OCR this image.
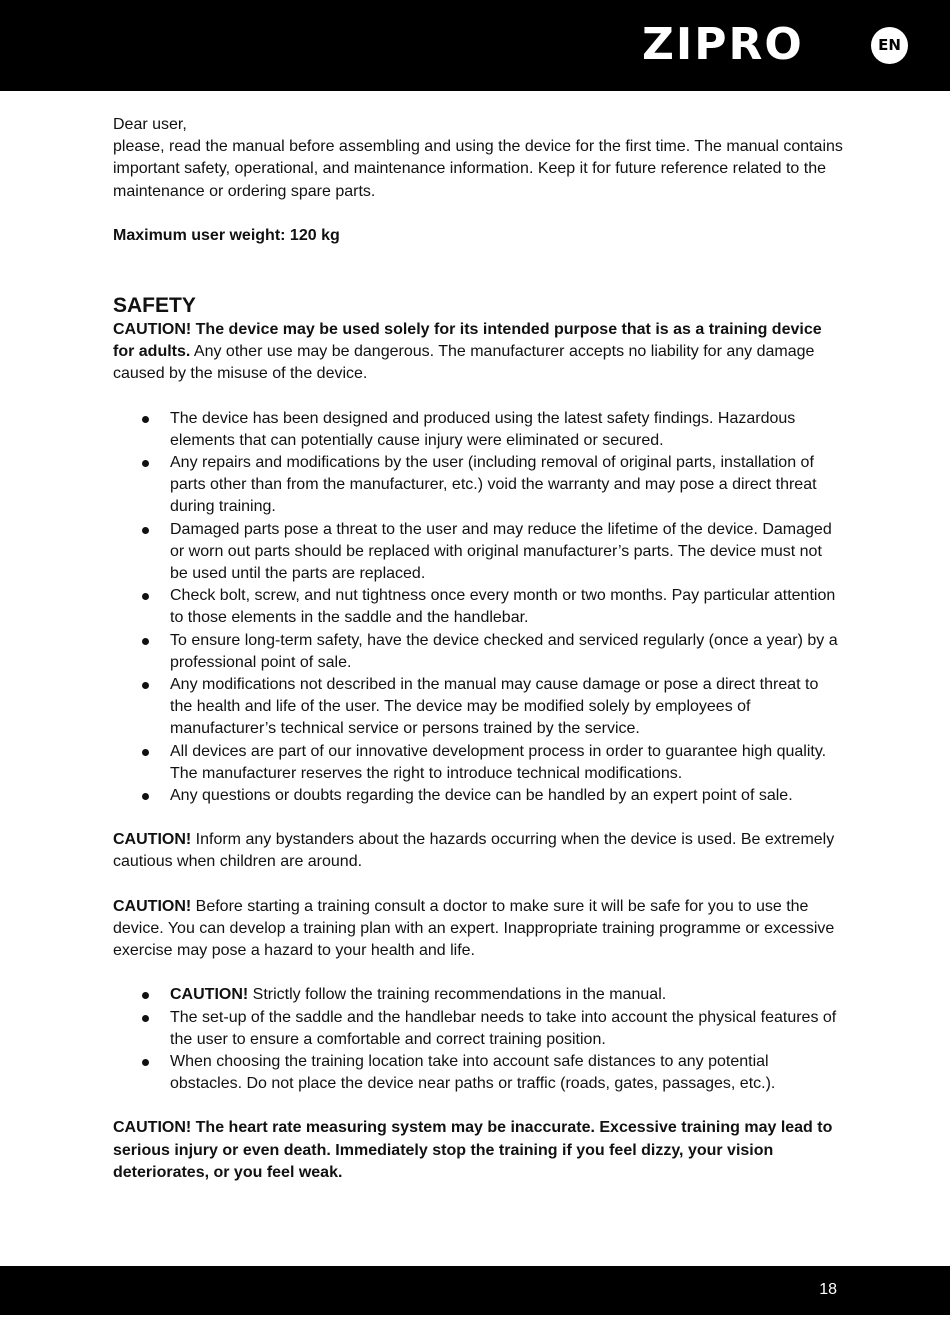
ZIPRO	EN

Dear user,

please, read the manual before assembling and using the device for the first time. The manual contains important safety, operational, and maintenance information. Keep it for future reference related to the maintenance or ordering spare parts.

Maximum user weight: 120 kg

SAFETY

CAUTION! The device may be used solely for its intended purpose that is as a training device for adults. Any other use may be dangerous. The manufacturer accepts no liability for any damage caused by the misuse of the device.

The device has been designed and produced using the latest safety findings. Hazardous elements that can potentially cause injury were eliminated or secured.
Any repairs and modifications by the user (including removal of original parts, installation of parts other than from the manufacturer, etc.) void the warranty and may pose a direct threat during training.
Damaged parts pose a threat to the user and may reduce the lifetime of the device. Damaged or worn out parts should be replaced with original manufacturer’s parts. The device must not be used until the parts are replaced.
Check bolt, screw, and nut tightness once every month or two months. Pay particular attention to those elements in the saddle and the handlebar.
To ensure long-term safety, have the device checked and serviced regularly (once a year) by a professional point of sale.
Any modifications not described in the manual may cause damage or pose a direct threat to the health and life of the user. The device may be modified solely by employees of manufacturer’s technical service or persons trained by the service.
All devices are part of our innovative development process in order to guarantee high quality. The manufacturer reserves the right to introduce technical modifications.
Any questions or doubts regarding the device can be handled by an expert point of sale.

CAUTION! Inform any bystanders about the hazards occurring when the device is used. Be extremely cautious when children are around.

CAUTION! Before starting a training consult a doctor to make sure it will be safe for you to use the device. You can develop a training plan with an expert. Inappropriate training programme or excessive exercise may pose a hazard to your health and life.

CAUTION! Strictly follow the training recommendations in the manual.
The set-up of the saddle and the handlebar needs to take into account the physical features of the user to ensure a comfortable and correct training position.
When choosing the training location take into account safe distances to any potential obstacles. Do not place the device near paths or traffic (roads, gates, passages, etc.).

CAUTION! The heart rate measuring system may be inaccurate. Excessive training may lead to serious injury or even death. Immediately stop the training if you feel dizzy, your vision deteriorates, or you feel weak.

18
